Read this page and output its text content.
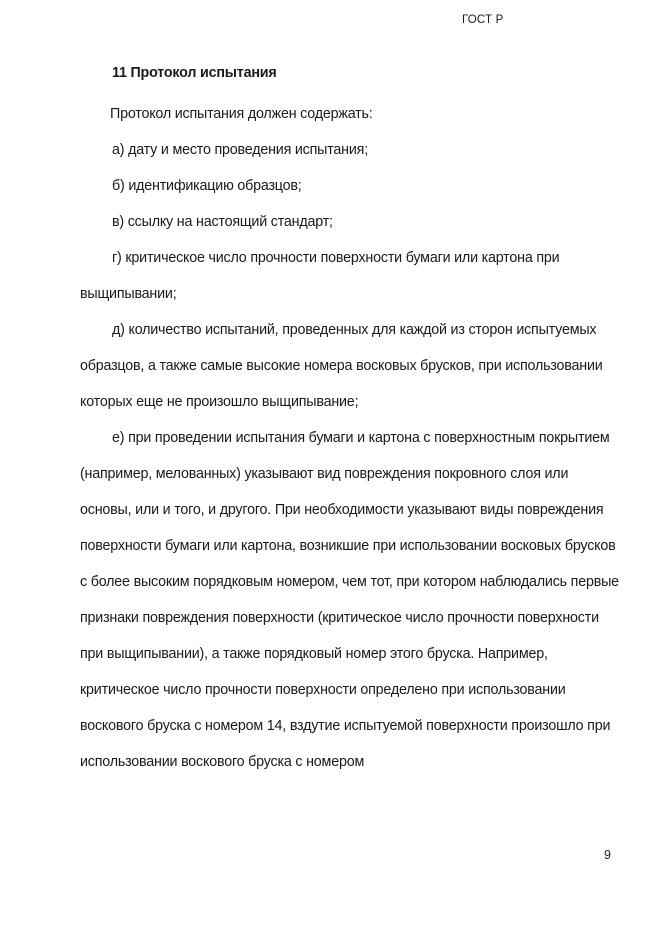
ГОСТ Р

11 Протокол испытания

Протокол испытания должен содержать:

а) дату и место проведения испытания;

б) идентификацию образцов;

в) ссылку на настоящий стандарт;

г) критическое число прочности поверхности бумаги или картона при выщипывании;

д) количество испытаний, проведенных для каждой из сторон испытуемых образцов, а также самые высокие номера восковых брусков, при использовании которых еще не произошло выщипывание;

е) при проведении испытания бумаги и картона с поверхностным покрытием (например, мелованных) указывают вид повреждения покровного слоя или основы, или и того, и другого. При необходимости указывают виды повреждения поверхности бумаги или картона, возникшие при использовании восковых брусков с более высоким порядковым номером, чем тот, при котором наблюдались первые признаки повреждения поверхности (критическое число прочности поверхности при выщипывании), а также порядковый номер этого бруска. Например, критическое число прочности поверхности определено при использовании воскового бруска с номером 14, вздутие испытуемой поверхности произошло при использовании воскового бруска с номером

9
